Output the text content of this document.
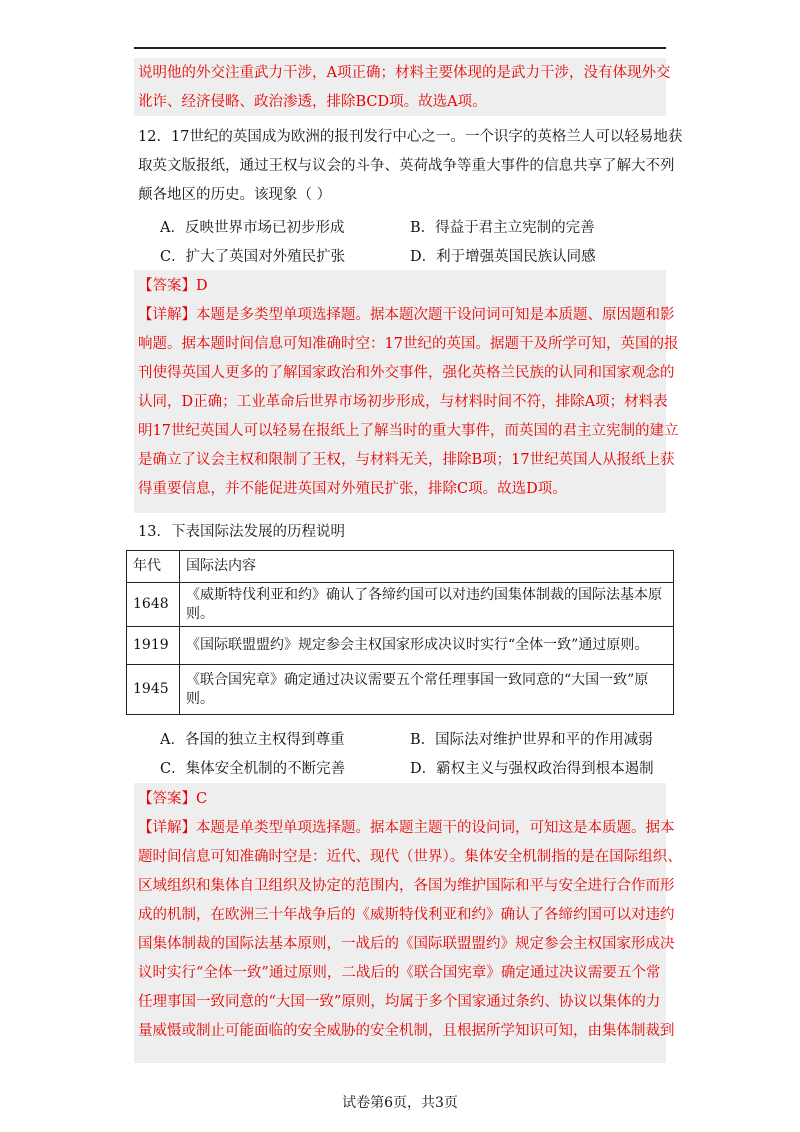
说明他的外交注重武力干涉，A项正确；材料主要体现的是武力干涉，没有体现外交
讹诈、经济侵略、政治渗透，排除BCD项。故选A项。
12．17世纪的英国成为欧洲的报刊发行中心之一。一个识字的英格兰人可以轻易地获
取英文版报纸，通过王权与议会的斗争、英荷战争等重大事件的信息共享了解大不列
颠各地区的历史。该现象（ ）
A．反映世界市场已初步形成	B．得益于君主立宪制的完善
C．扩大了英国对外殖民扩张	D．利于增强英国民族认同感
【答案】D
【详解】本题是多类型单项选择题。据本题次题干设问词可知是本质题、原因题和影
响题。据本题时间信息可知准确时空：17世纪的英国。据题干及所学可知，英国的报
刊使得英国人更多的了解国家政治和外交事件，强化英格兰民族的认同和国家观念的
认同，D正确；工业革命后世界市场初步形成，与材料时间不符，排除A项；材料表
明17世纪英国人可以轻易在报纸上了解当时的重大事件，而英国的君主立宪制的建立
是确立了议会主权和限制了王权，与材料无关，排除B项；17世纪英国人从报纸上获
得重要信息，并不能促进英国对外殖民扩张，排除C项。故选D项。
13．下表国际法发展的历程说明
年代	国际法内容
1648	《威斯特伐利亚和约》确认了各缔约国可以对违约国集体制裁的国际法基本原
则。

1919	《国际联盟盟约》规定参会主权国家形成决议时实行“全体一致”通过原则。

1945	《联合国宪章》确定通过决议需要五个常任理事国一致同意的“大国一致”原
则。
A．各国的独立主权得到尊重	B．国际法对维护世界和平的作用减弱
C．集体安全机制的不断完善	D．霸权主义与强权政治得到根本遏制
【答案】C
【详解】本题是单类型单项选择题。据本题主题干的设问词，可知这是本质题。据本
题时间信息可知准确时空是：近代、现代（世界）。集体安全机制指的是在国际组织、
区域组织和集体自卫组织及协定的范围内，各国为维护国际和平与安全进行合作而形
成的机制，在欧洲三十年战争后的《威斯特伐利亚和约》确认了各缔约国可以对违约
国集体制裁的国际法基本原则，一战后的《国际联盟盟约》规定参会主权国家形成决
议时实行“全体一致”通过原则，二战后的《联合国宪章》确定通过决议需要五个常
任理事国一致同意的“大国一致”原则，均属于多个国家通过条约、协议以集体的力
量威慑或制止可能面临的安全威胁的安全机制，且根据所学知识可知，由集体制裁到
试卷第6页，共3页
